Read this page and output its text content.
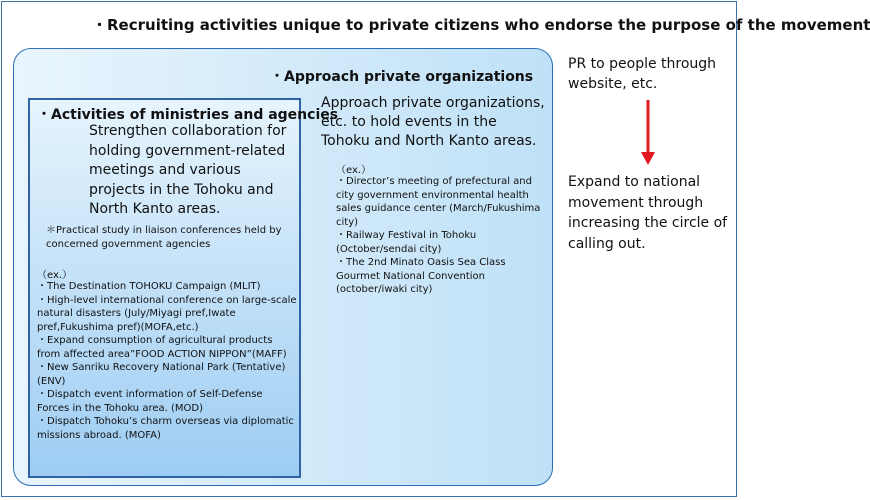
・Recruiting activities unique to private citizens who endorse the purpose of the movement
・Approach private organizations
Approach private organizations, etc. to hold events in the Tohoku and North Kanto areas.
（ex.）
・Director’s meeting of prefectural and city government environmental health sales guidance center (March/Fukushima city)
・Railway Festival in Tohoku (October/sendai city)
・The 2nd Minato Oasis Sea Class Gourmet National Convention (october/iwaki city)
・Activities of ministries and agencies
Strengthen collaboration for holding government-related meetings and various projects in the Tohoku and North Kanto areas.
＊Practical study in liaison conferences held by concerned government agencies
（ex.）
・The Destination TOHOKU Campaign (MLIT)
・High-level international conference on large-scale natural disasters (July/Miyagi pref,Iwate pref,Fukushima pref)(MOFA,etc.)
・Expand consumption of agricultural products from affected area”FOOD ACTION NIPPON”(MAFF)
・New Sanriku Recovery National Park (Tentative)(ENV)
・Dispatch event information of Self-Defense Forces in the Tohoku area. (MOD)
・Dispatch Tohoku’s charm overseas via diplomatic missions abroad. (MOFA)
PR to people through website, etc.
Expand to national movement through increasing the circle of calling out.
